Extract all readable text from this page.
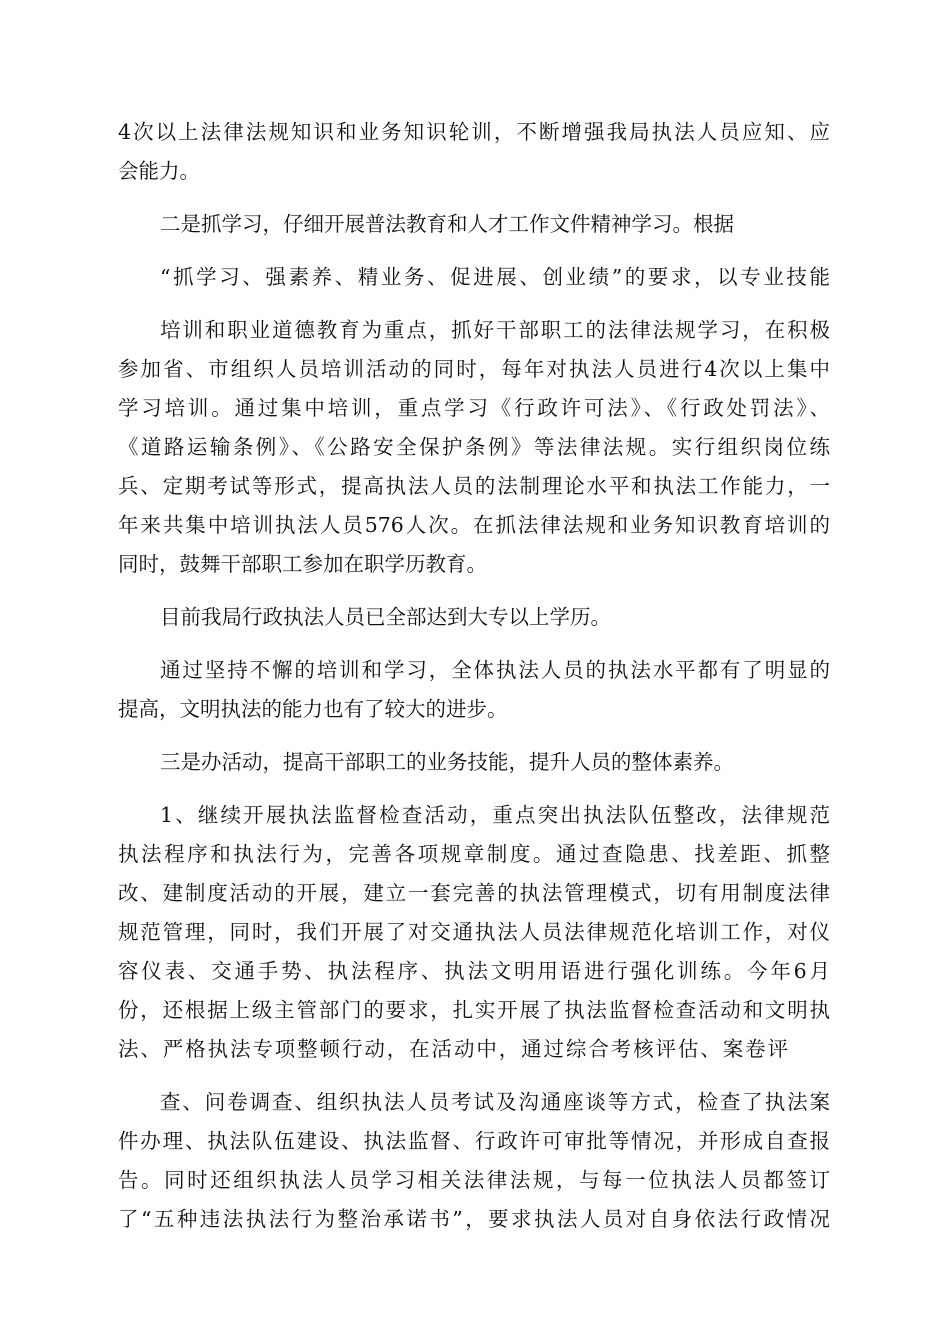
4次以上法律法规知识和业务知识轮训，不断增强我局执法人员应知、应

会能力。

二是抓学习，仔细开展普法教育和人才工作文件精神学习。根据

“抓学习、强素养、精业务、促进展、创业绩”的要求，以专业技能

培训和职业道德教育为重点，抓好干部职工的法律法规学习，在积极

参加省、市组织人员培训活动的同时，每年对执法人员进行4次以上集中

学习培训。通过集中培训，重点学习《行政许可法》、《行政处罚法》、

《道路运输条例》、《公路安全保护条例》等法律法规。实行组织岗位练

兵、定期考试等形式，提高执法人员的法制理论水平和执法工作能力，一

年来共集中培训执法人员576人次。在抓法律法规和业务知识教育培训的

同时，鼓舞干部职工参加在职学历教育。

目前我局行政执法人员已全部达到大专以上学历。

通过坚持不懈的培训和学习，全体执法人员的执法水平都有了明显的

提高，文明执法的能力也有了较大的进步。

三是办活动，提高干部职工的业务技能，提升人员的整体素养。

1、继续开展执法监督检查活动，重点突出执法队伍整改，法律规范

执法程序和执法行为，完善各项规章制度。通过查隐患、找差距、抓整

改、建制度活动的开展，建立一套完善的执法管理模式，切有用制度法律

规范管理，同时，我们开展了对交通执法人员法律规范化培训工作，对仪

容仪表、交通手势、执法程序、执法文明用语进行强化训练。今年6月

份，还根据上级主管部门的要求，扎实开展了执法监督检查活动和文明执

法、严格执法专项整顿行动，在活动中，通过综合考核评估、案卷评

查、问卷调查、组织执法人员考试及沟通座谈等方式，检查了执法案

件办理、执法队伍建设、执法监督、行政许可审批等情况，并形成自查报

告。同时还组织执法人员学习相关法律法规，与每一位执法人员都签订

了“五种违法执法行为整治承诺书”，要求执法人员对自身依法行政情况
